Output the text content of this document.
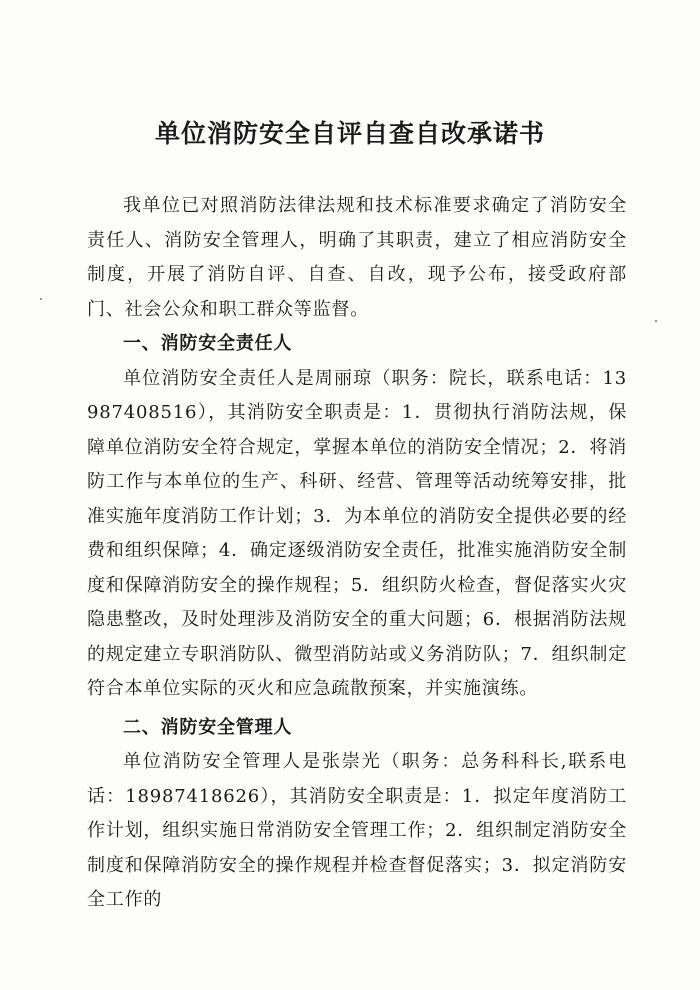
单位消防安全自评自查自改承诺书

我单位已对照消防法律法规和技术标准要求确定了消防安全责任人、消防安全管理人，明确了其职责，建立了相应消防安全制度，开展了消防自评、自查、自改，现予公布，接受政府部门、社会公众和职工群众等监督。

一、消防安全责任人

单位消防安全责任人是周丽琼（职务：院长，联系电话：13987408516），其消防安全职责是：1．贯彻执行消防法规，保障单位消防安全符合规定，掌握本单位的消防安全情况；2．将消防工作与本单位的生产、科研、经营、管理等活动统筹安排，批准实施年度消防工作计划；3．为本单位的消防安全提供必要的经费和组织保障；4．确定逐级消防安全责任，批准实施消防安全制度和保障消防安全的操作规程；5．组织防火检查，督促落实火灾隐患整改，及时处理涉及消防安全的重大问题；6．根据消防法规的规定建立专职消防队、微型消防站或义务消防队；7．组织制定符合本单位实际的灭火和应急疏散预案，并实施演练。

二、消防安全管理人

单位消防安全管理人是张崇光（职务：总务科科长,联系电话：18987418626），其消防安全职责是：1．拟定年度消防工作计划，组织实施日常消防安全管理工作；2．组织制定消防安全制度和保障消防安全的操作规程并检查督促落实；3．拟定消防安全工作的
